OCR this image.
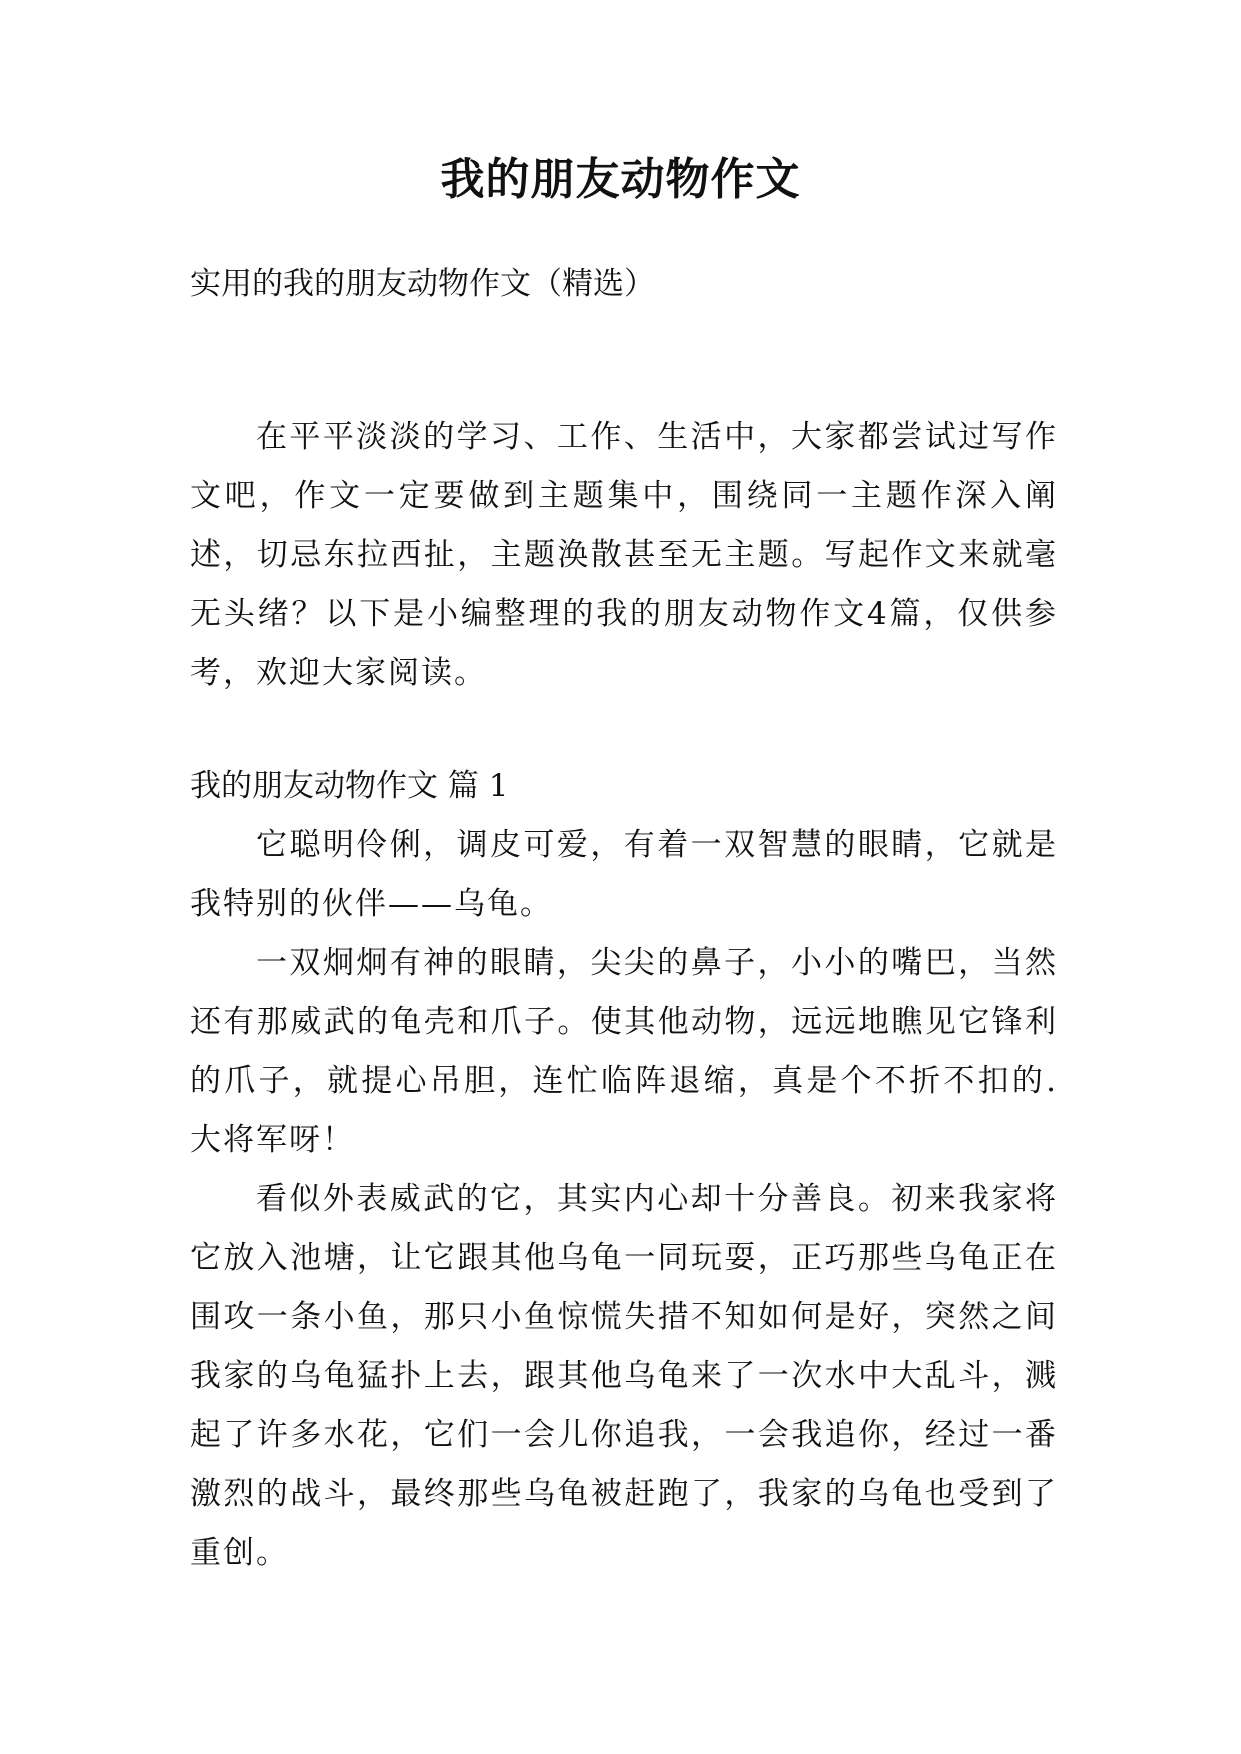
我的朋友动物作文

实用的我的朋友动物作文（精选）

在平平淡淡的学习、工作、生活中，大家都尝试过写作文吧，作文一定要做到主题集中，围绕同一主题作深入阐述，切忌东拉西扯，主题涣散甚至无主题。写起作文来就毫无头绪？以下是小编整理的我的朋友动物作文4篇，仅供参考，欢迎大家阅读。

我的朋友动物作文 篇 1

它聪明伶俐，调皮可爱，有着一双智慧的眼睛，它就是我特别的伙伴——乌龟。

一双炯炯有神的眼睛，尖尖的鼻子，小小的嘴巴，当然还有那威武的龟壳和爪子。使其他动物，远远地瞧见它锋利的爪子，就提心吊胆，连忙临阵退缩，真是个不折不扣的.大将军呀！

看似外表威武的它，其实内心却十分善良。初来我家将它放入池塘，让它跟其他乌龟一同玩耍，正巧那些乌龟正在围攻一条小鱼，那只小鱼惊慌失措不知如何是好，突然之间我家的乌龟猛扑上去，跟其他乌龟来了一次水中大乱斗，溅起了许多水花，它们一会儿你追我，一会我追你，经过一番激烈的战斗，最终那些乌龟被赶跑了，我家的乌龟也受到了重创。
